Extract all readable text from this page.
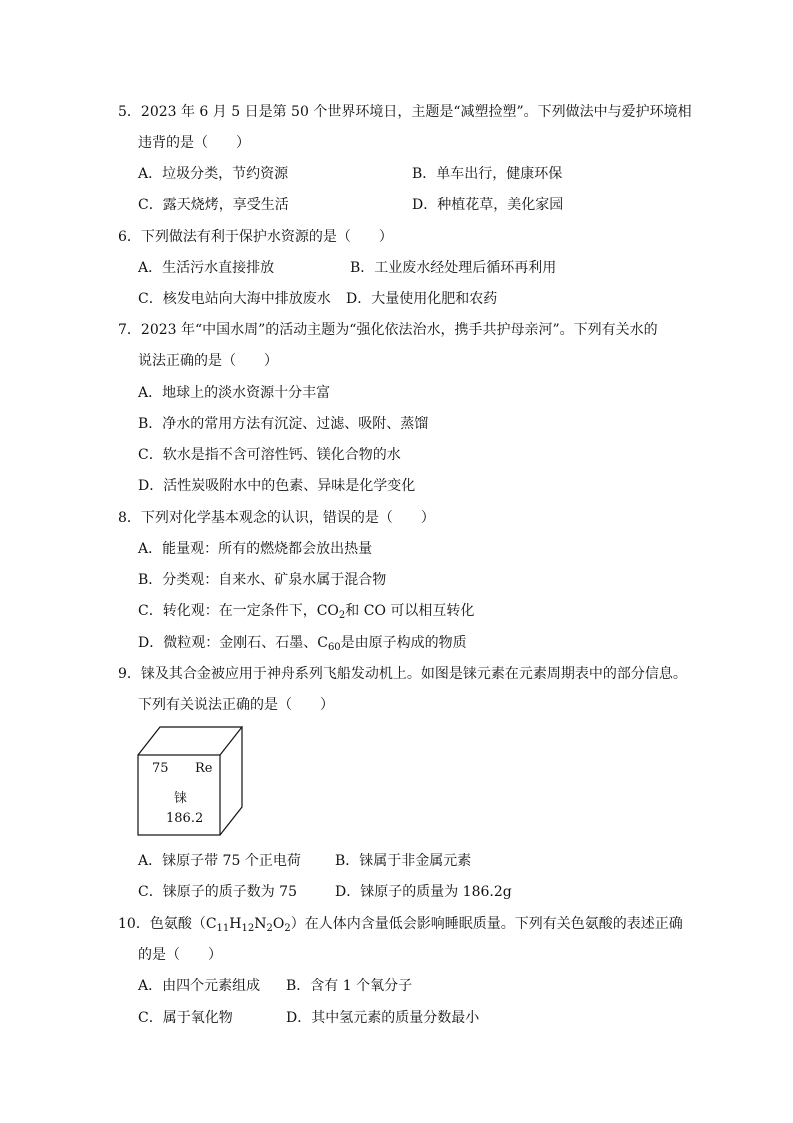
5．2023 年 6 月 5 日是第 50 个世界环境日，主题是“减塑捡塑”。下列做法中与爱护环境相
违背的是（　　）
A．垃圾分类，节约资源	B．单车出行，健康环保
C．露天烧烤，享受生活	D．种植花草，美化家园
6．下列做法有利于保护水资源的是（　　）
A．生活污水直接排放	B．工业废水经处理后循环再利用
C．核发电站向大海中排放废水 D．大量使用化肥和农药
7．2023 年“中国水周”的活动主题为“强化依法治水，携手共护母亲河”。下列有关水的
说法正确的是（　　）
A．地球上的淡水资源十分丰富
B．净水的常用方法有沉淀、过滤、吸附、蒸馏
C．软水是指不含可溶性钙、镁化合物的水
D．活性炭吸附水中的色素、异味是化学变化
8．下列对化学基本观念的认识，错误的是（　　）
A．能量观：所有的燃烧都会放出热量
B．分类观：自来水、矿泉水属于混合物
C．转化观：在一定条件下，$CO_2$和 CO 可以相互转化
D．微粒观：金刚石、石墨、$C_{60}$是由原子构成的物质
9．铼及其合金被应用于神舟系列飞船发动机上。如图是铼元素在元素周期表中的部分信息。
下列有关说法正确的是（　　）
75 Re
铼
186.2
A．铼原子带 75 个正电荷 B．铼属于非金属元素
C．铼原子的质子数为 75	D．铼原子的质量为 186.2g
10．色氨酸$(C_{11}H_{12}N_2O_2)$在人体内含量低会影响睡眠质量。下列有关色氨酸的表述正确
的是（　　）
A．由四个元素组成 B．含有 1 个氧分子
C．属于氧化物	D．其中氢元素的质量分数最小
